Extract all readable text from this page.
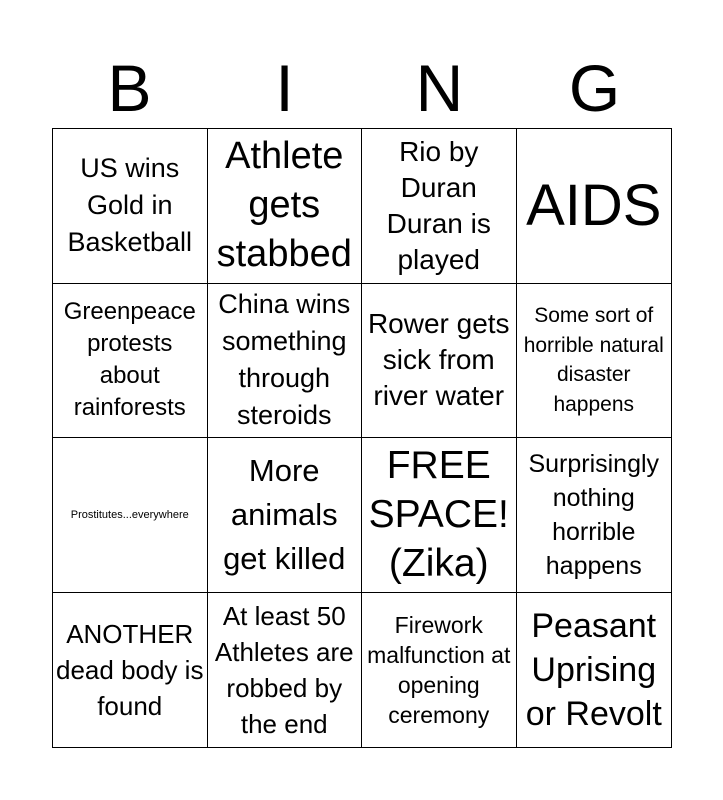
B	I	N	G
US wins Gold in Basketball
Athlete gets stabbed
Rio by Duran Duran is played
AIDS
Greenpeace protests about rainforests
China wins something through steroids
Rower gets sick from river water
Some sort of horrible natural disaster happens
Prostitutes...everywhere
More animals get killed
FREE SPACE! (Zika)
Surprisingly nothing horrible happens
ANOTHER dead body is found
At least 50 Athletes are robbed by the end
Firework malfunction at opening ceremony
Peasant Uprising or Revolt
